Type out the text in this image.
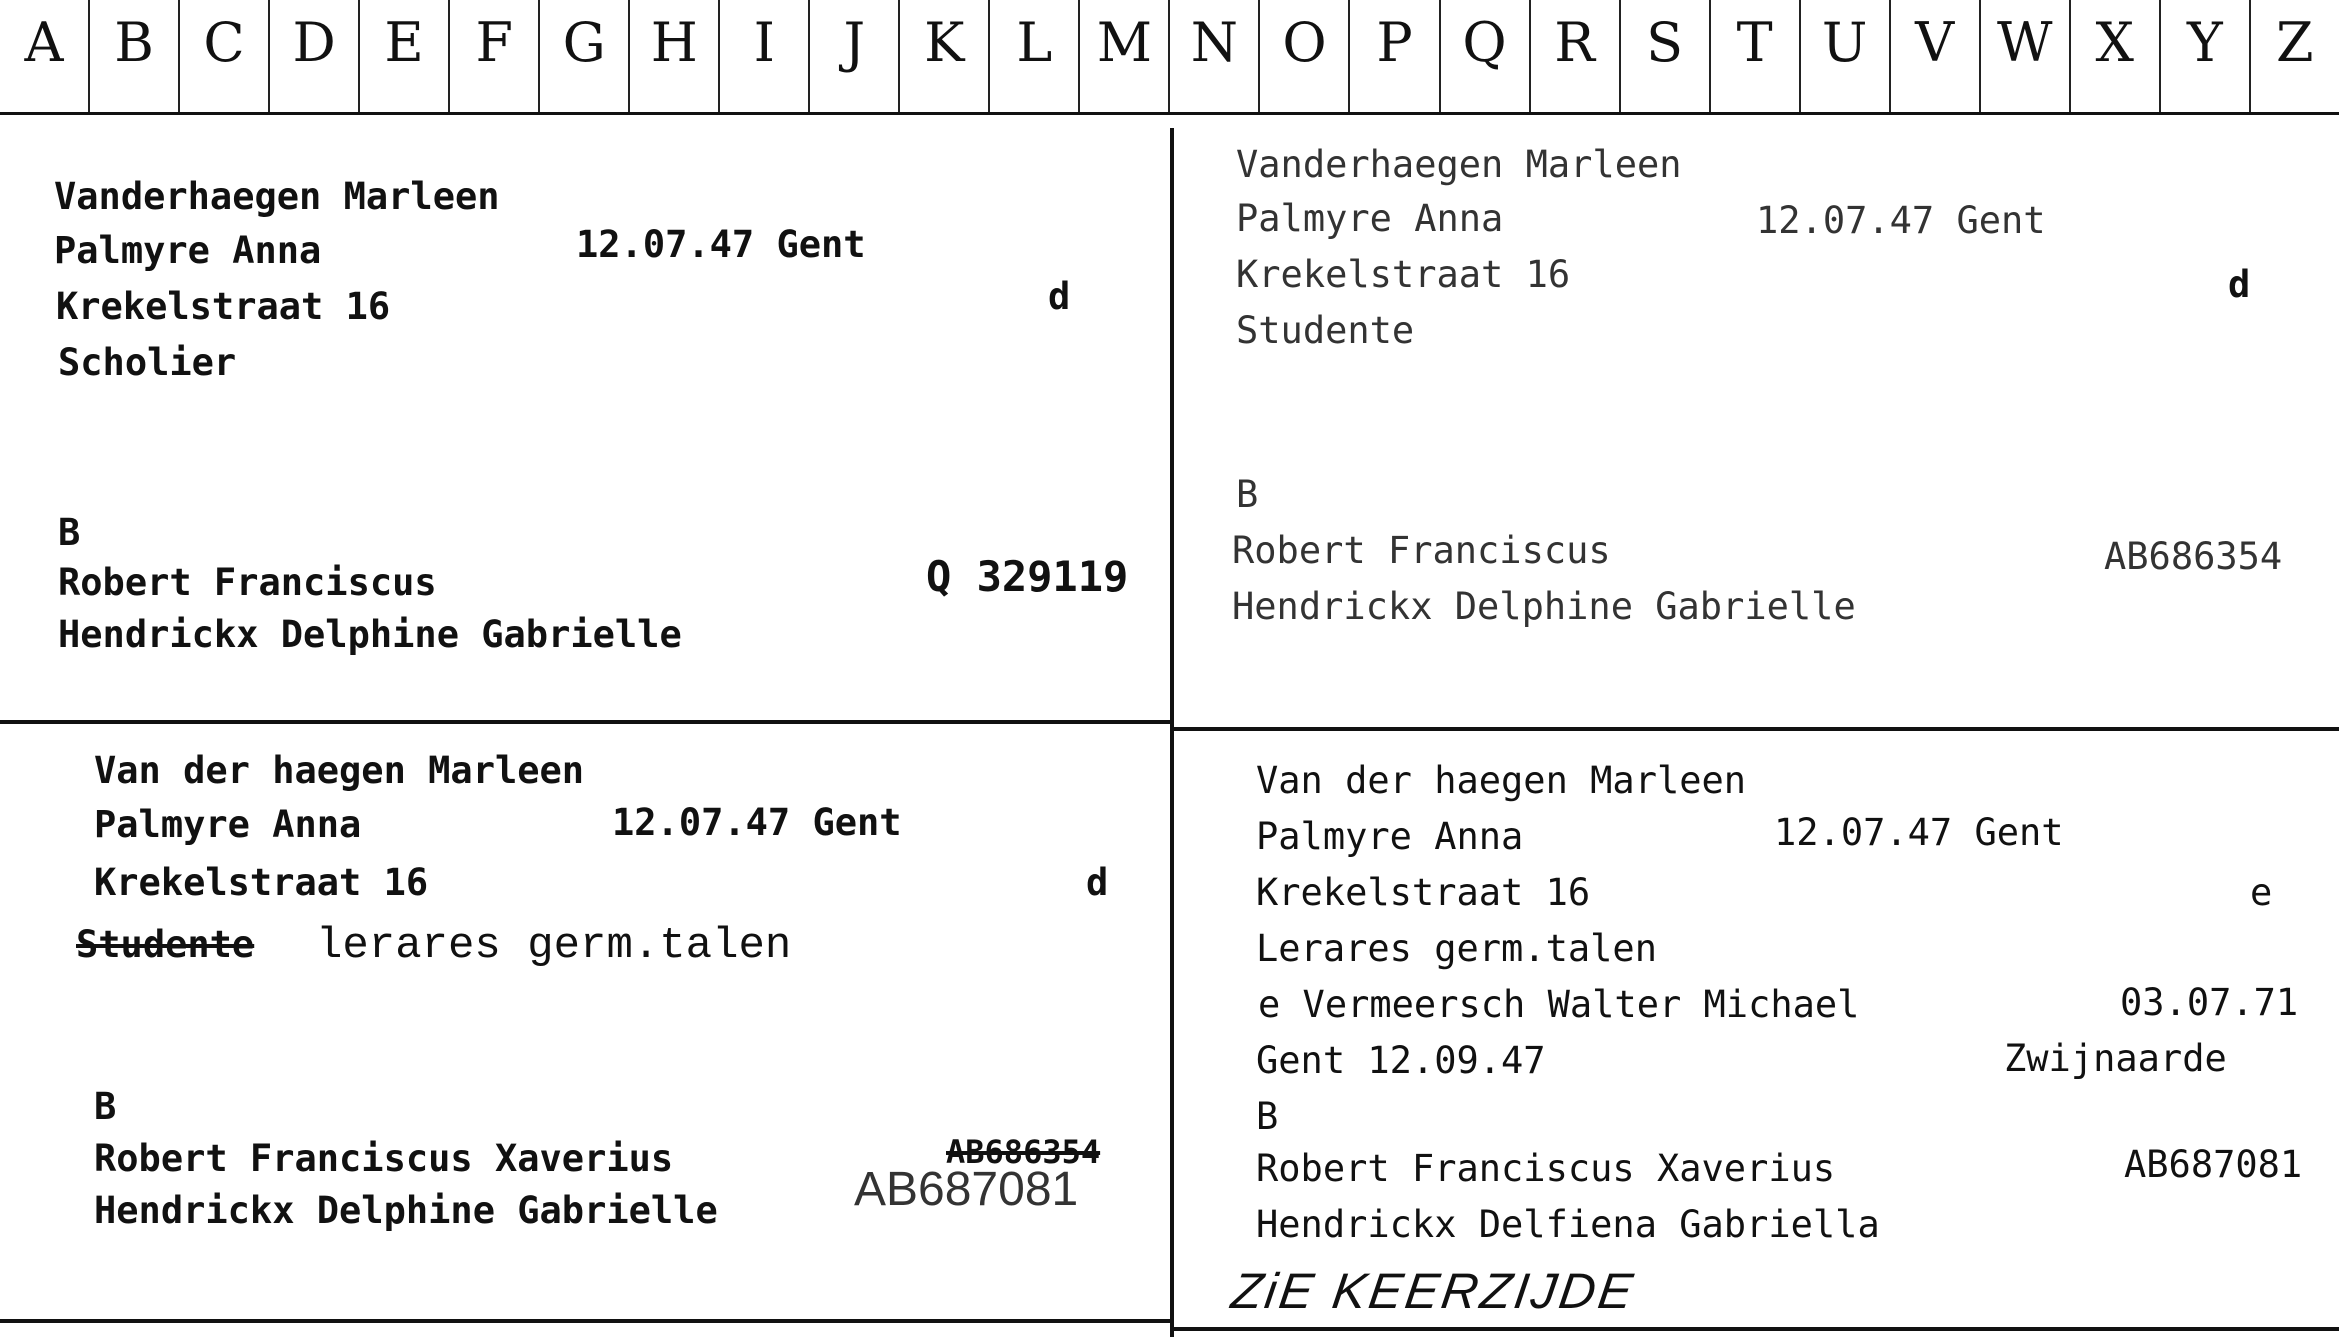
A B C D E F G H	I	J	K L M N O P Q R S T U V W X Y Z
Vanderhaegen Marleen
Palmyre Anna	12.07.47 Gent
Krekelstraat 16	d
Scholier
B
Robert Franciscus	Q 329119
Hendrickx Delphine Gabrielle
Vanderhaegen Marleen
Palmyre Anna	12.07.47 Gent
Krekelstraat 16	d
Studente
B
Robert Franciscus	AB686354
Hendrickx Delphine Gabrielle
Van der haegen Marleen
Palmyre Anna	12.07.47 Gent
Krekelstraat 16	d
Studente lerares germ.talen
B
Robert Franciscus Xaverius	AB686354
AB687081
Hendrickx Delphine Gabrielle
Van der haegen Marleen
Palmyre Anna	12.07.47 Gent
Krekelstraat 16	e
Lerares germ.talen
e Vermeersch Walter Michael	03.07.71
Gent 12.09.47	Zwijnaarde
B
Robert Franciscus Xaverius	AB687081
Hendrickx Delfiena Gabriella
ZiE KEERZIJDE
